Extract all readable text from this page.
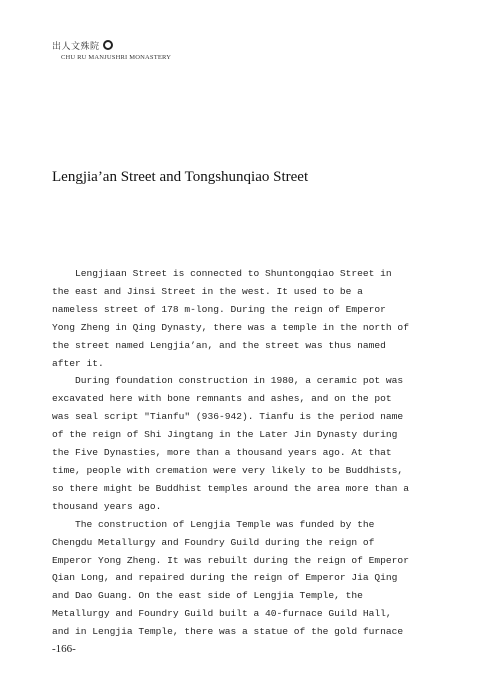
出人文殊院
CHU RU MANJUSHRI MONASTERY
Lengjia’an Street and Tongshunqiao Street
Lengjiaan Street is connected to Shuntongqiao Street in
the east and Jinsi Street in the west. It used to be a
nameless street of 178 m-long. During the reign of Emperor
Yong Zheng in Qing Dynasty, there was a temple in the north of
the street named Lengjia’an, and the street was thus named
after it.
During foundation construction in 1980, a ceramic pot was
excavated here with bone remnants and ashes, and on the pot
was seal script "Tianfu" (936-942). Tianfu is the period name
of the reign of Shi Jingtang in the Later Jin Dynasty during
the Five Dynasties, more than a thousand years ago. At that
time, people with cremation were very likely to be Buddhists,
so there might be Buddhist temples around the area more than a
thousand years ago.
The construction of Lengjia Temple was funded by the
Chengdu Metallurgy and Foundry Guild during the reign of
Emperor Yong Zheng. It was rebuilt during the reign of Emperor
Qian Long, and repaired during the reign of Emperor Jia Qing
and Dao Guang. On the east side of Lengjia Temple, the
Metallurgy and Foundry Guild built a 40-furnace Guild Hall,
and in Lengjia Temple, there was a statue of the gold furnace
-166-
